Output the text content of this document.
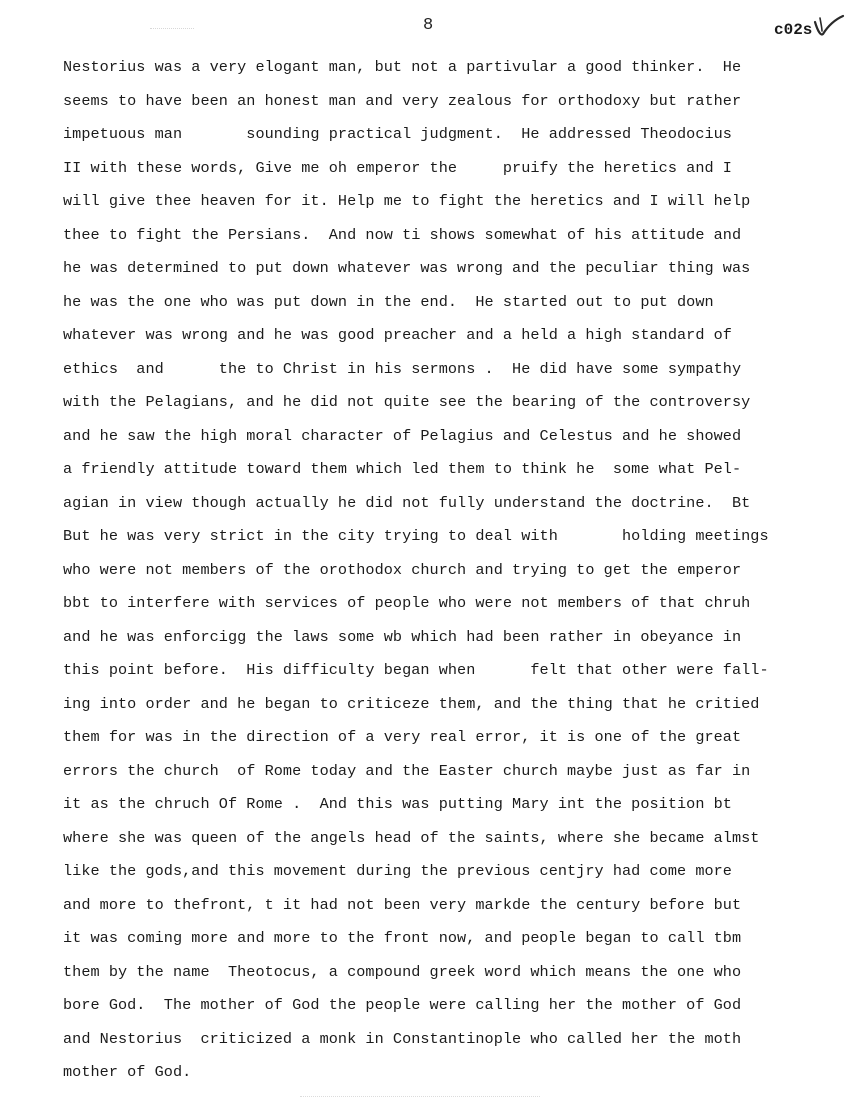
8	c02s
Nestorius was a very elogant man, but not a partivular a good thinker.  He
seems to have been an honest man and very zealous for orthodoxy but rather
impetuous man       sounding practical judgment.  He addressed Theodocius
II with these words, Give me oh emperor the     pruify the heretics and I
will give thee heaven for it. Help me to fight the heretics and I will help
thee to fight the Persians.  And now ti shows somewhat of his attitude and
he was determined to put down whatever was wrong and the peculiar thing was
he was the one who was put down in the end.  He started out to put down
whatever was wrong and he was good preacher and a held a high standard of
ethics  and      the to Christ in his sermons .  He did have some sympathy
with the Pelagians, and he did not quite see the bearing of the controversy
and he saw the high moral character of Pelagius and Celestus and he showed
a friendly attitude toward them which led them to think he  some what Pel-
agian in view though actually he did not fully understand the doctrine.  Bt
But he was very strict in the city trying to deal with       holding meetings
who were not members of the orothodox church and trying to get the emperor
bbt to interfere with services of people who were not members of that chruh
and he was enforcigg the laws some wb which had been rather in obeyance in
this point before.  His difficulty began when      felt that other were fall-
ing into order and he began to criticeze them, and the thing that he critied
them for was in the direction of a very real error, it is one of the great
errors the church  of Rome today and the Easter church maybe just as far in
it as the chruch Of Rome .  And this was putting Mary int the position bt
where she was queen of the angels head of the saints, where she became almst
like the gods,and this movement during the previous centjry had come more
and more to thefront, t it had not been very markde the century before but
it was coming more and more to the front now, and people began to call tbm
them by the name  Theotocus, a compound greek word which means the one who
bore God.  The mother of God the people were calling her the mother of God
and Nestorius  criticized a monk in Constantinople who called her the moth
mother of God.
